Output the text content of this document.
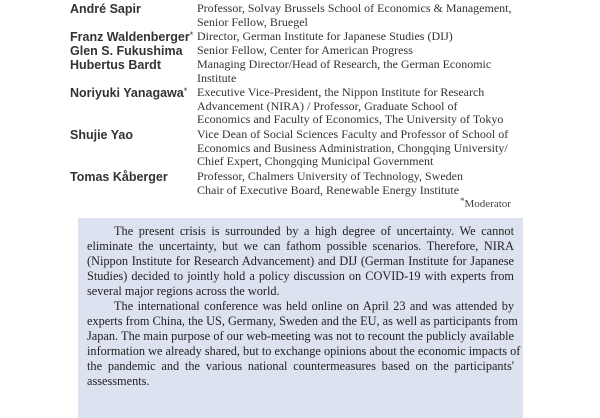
André Sapir	Professor, Solvay Brussels School of Economics & Management,
Senior Fellow, Bruegel
Franz Waldenberger* Director, German Institute for Japanese Studies (DIJ)
Glen S. Fukushima Senior Fellow, Center for American Progress
Hubertus Bardt	Managing Director/Head of Research, the German Economic
Institute
Noriyuki Yanagawa* Executive Vice-President, the Nippon Institute for Research
Advancement (NIRA) / Professor, Graduate School of
Economics and Faculty of Economics, The University of Tokyo
Shujie Yao	Vice Dean of Social Sciences Faculty and Professor of School of
Economics and Business Administration, Chongqing University/
Chief Expert, Chongqing Municipal Government
Tomas Kåberger Professor, Chalmers University of Technology, Sweden
Chair of Executive Board, Renewable Energy Institute
*Moderator

The present crisis is surrounded by a high degree of uncertainty. We cannot
eliminate the uncertainty, but we can fathom possible scenarios. Therefore, NIRA
(Nippon Institute for Research Advancement) and DIJ (German Institute for Japanese
Studies) decided to jointly hold a policy discussion on COVID-19 with experts from
several major regions across the world.

The international conference was held online on April 23 and was attended by
experts from China, the US, Germany, Sweden and the EU, as well as participants from
Japan. The main purpose of our web-meeting was not to recount the publicly available
information we already shared, but to exchange opinions about the economic impacts of
the pandemic and the various national countermeasures based on the participants'
assessments.
